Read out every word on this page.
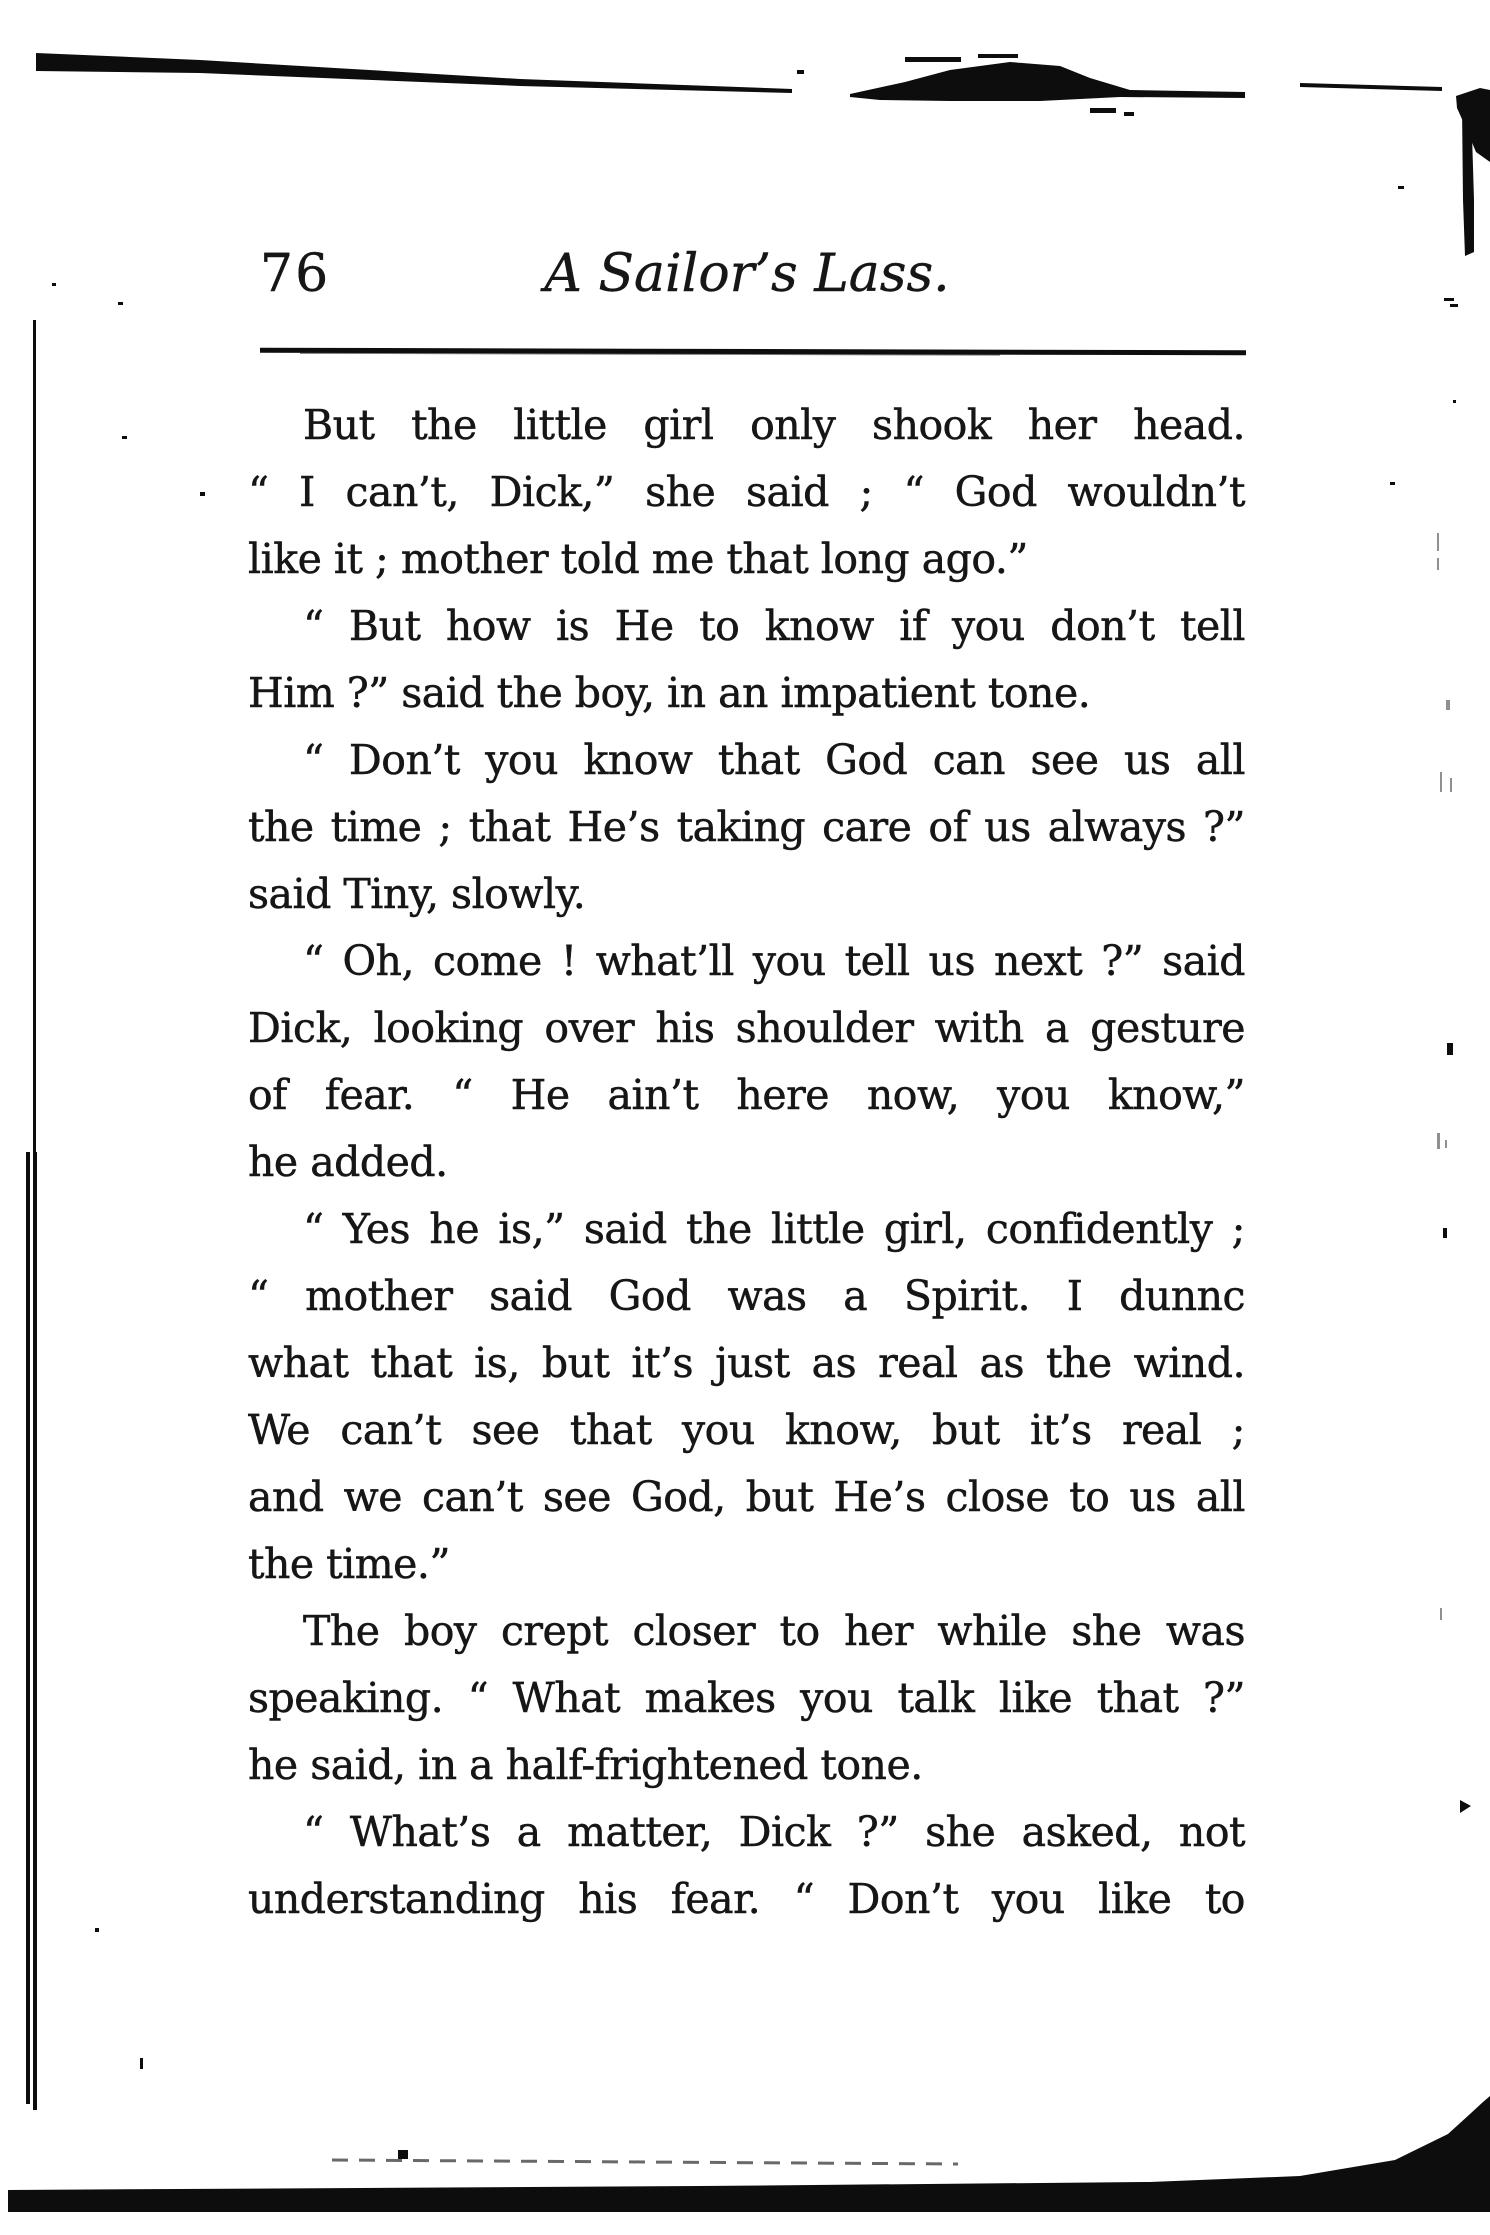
76	A Sailor’s Lass.
But the little girl only shook her head.
“ I can’t, Dick,” she said ; “ God wouldn’t
like it ; mother told me that long ago.”
“ But how is He to know if you don’t tell
Him ?” said the boy, in an impatient tone.
“ Don’t you know that God can see us all
the time ; that He’s taking care of us always ?”
said Tiny, slowly.
“ Oh, come ! what’ll you tell us next ?” said
Dick, looking over his shoulder with a gesture
of fear. “ He ain’t here now, you know,”
he added.
“ Yes he is,” said the little girl, confidently ;
“ mother said God was a Spirit. I dunnc
what that is, but it’s just as real as the wind.
We can’t see that you know, but it’s real ;
and we can’t see God, but He’s close to us all
the time.”
The boy crept closer to her while she was
speaking. “ What makes you talk like that ?”
he said, in a half-frightened tone.
“ What’s a matter, Dick ?” she asked, not
understanding his fear. “ Don’t you like to
